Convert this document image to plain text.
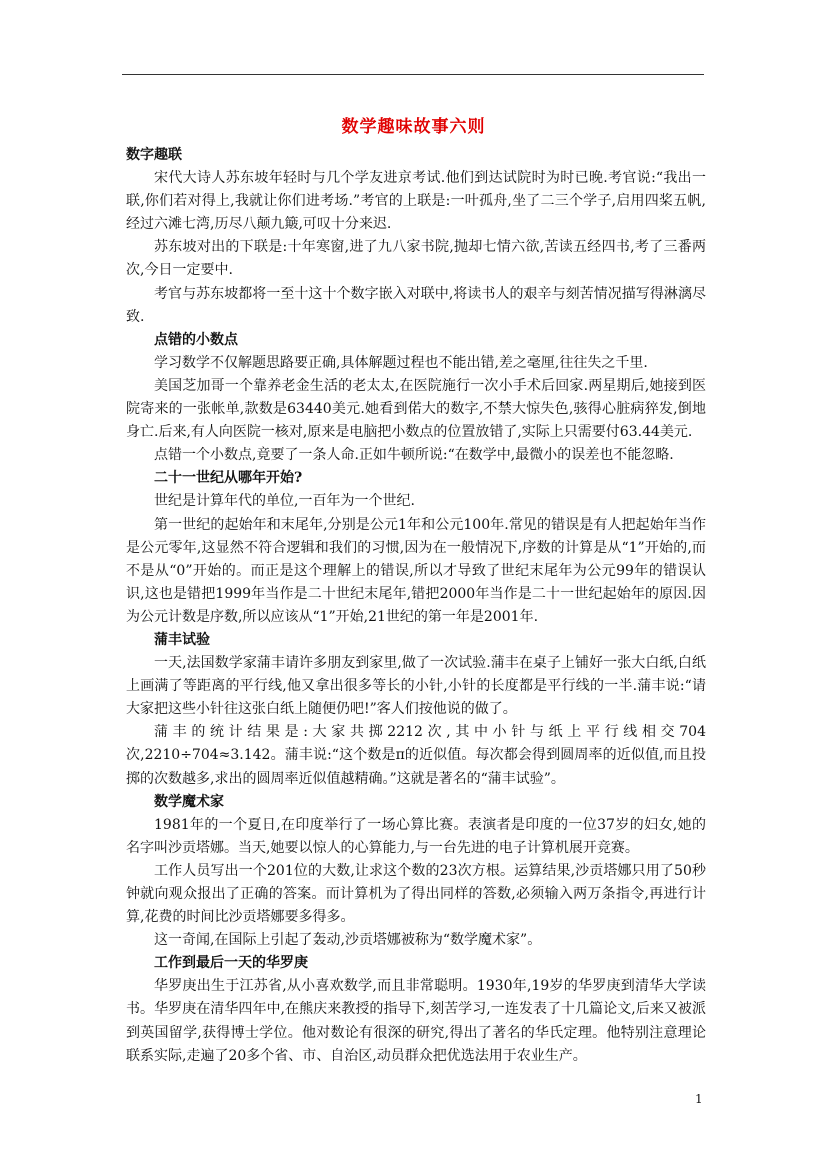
数学趣味故事六则
数字趣联

宋代大诗人苏东坡年轻时与几个学友进京考试.他们到达试院时为时已晚.考官说:“我出一联,你们若对得上,我就让你们进考场.”考官的上联是:一叶孤舟,坐了二三个学子,启用四桨五帆,经过六滩七湾,历尽八颠九簸,可叹十分来迟.

苏东坡对出的下联是:十年寒窗,进了九八家书院,抛却七情六欲,苦读五经四书,考了三番两次,今日一定要中.

考官与苏东坡都将一至十这十个数字嵌入对联中,将读书人的艰辛与刻苦情况描写得淋漓尽致.

点错的小数点

学习数学不仅解题思路要正确,具体解题过程也不能出错,差之毫厘,往往失之千里.

美国芝加哥一个靠养老金生活的老太太,在医院施行一次小手术后回家.两星期后,她接到医院寄来的一张帐单,款数是63440美元.她看到偌大的数字,不禁大惊失色,骇得心脏病猝发,倒地身亡.后来,有人向医院一核对,原来是电脑把小数点的位置放错了,实际上只需要付63.44美元.

点错一个小数点,竟要了一条人命.正如牛顿所说:“在数学中,最微小的误差也不能忽略.

二十一世纪从哪年开始?

世纪是计算年代的单位,一百年为一个世纪.

第一世纪的起始年和末尾年,分别是公元1年和公元100年.常见的错误是有人把起始年当作是公元零年,这显然不符合逻辑和我们的习惯,因为在一般情况下,序数的计算是从“1”开始的,而不是从“0”开始的。而正是这个理解上的错误,所以才导致了世纪末尾年为公元99年的错误认识,这也是错把1999年当作是二十世纪末尾年,错把2000年当作是二十一世纪起始年的原因.因为公元计数是序数,所以应该从“1”开始,21世纪的第一年是2001年.

蒲丰试验

一天,法国数学家蒲丰请许多朋友到家里,做了一次试验.蒲丰在桌子上铺好一张大白纸,白纸上画满了等距离的平行线,他又拿出很多等长的小针,小针的长度都是平行线的一半.蒲丰说:“请大家把这些小针往这张白纸上随便仍吧!”客人们按他说的做了。

蒲丰的统计结果是:大家共掷2212次,其中小针与纸上平行线相交704次,2210÷704≈3.142。蒲丰说:“这个数是π的近似值。每次都会得到圆周率的近似值,而且投掷的次数越多,求出的圆周率近似值越精确。”这就是著名的“蒲丰试验”。

数学魔术家

1981年的一个夏日,在印度举行了一场心算比赛。表演者是印度的一位37岁的妇女,她的名字叫沙贡塔娜。当天,她要以惊人的心算能力,与一台先进的电子计算机展开竞赛。

工作人员写出一个201位的大数,让求这个数的23次方根。运算结果,沙贡塔娜只用了50秒钟就向观众报出了正确的答案。而计算机为了得出同样的答数,必须输入两万条指令,再进行计算,花费的时间比沙贡塔娜要多得多。

这一奇闻,在国际上引起了轰动,沙贡塔娜被称为“数学魔术家”。

工作到最后一天的华罗庚

华罗庚出生于江苏省,从小喜欢数学,而且非常聪明。1930年,19岁的华罗庚到清华大学读书。华罗庚在清华四年中,在熊庆来教授的指导下,刻苦学习,一连发表了十几篇论文,后来又被派到英国留学,获得博士学位。他对数论有很深的研究,得出了著名的华氏定理。他特别注意理论联系实际,走遍了20多个省、市、自治区,动员群众把优选法用于农业生产。

1
